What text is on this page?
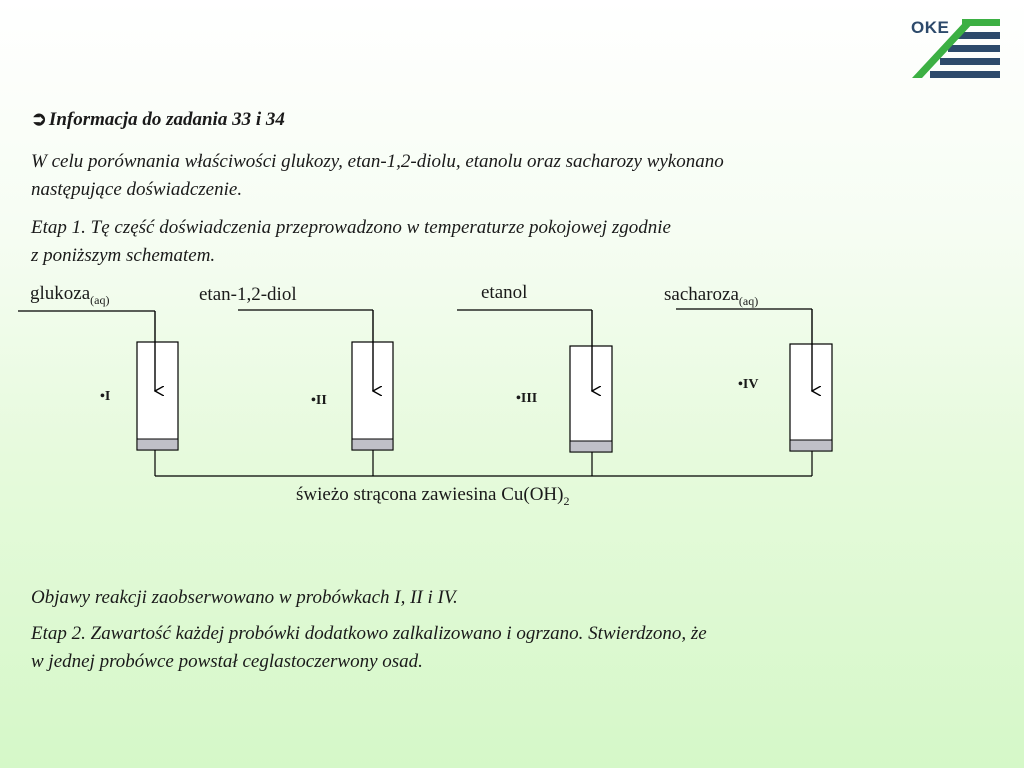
OKE
➲ Informacja do zadania 33 i 34
W celu porównania właściwości glukozy, etan-1,2-diolu, etanolu oraz sacharozy wykonano
następujące doświadczenie.
Etap 1. Tę część doświadczenia przeprowadzono w temperaturze pokojowej zgodnie
z poniższym schematem.
glukoza$_{(aq)}$	etan-1,2-diol	etanol	sacharoza$_{(aq)}$
•I	•II	•III
•IV
świeżo strącona zawiesina $Cu(OH)_2$
Objawy reakcji zaobserwowano w probówkach I, II i IV.
Etap 2. Zawartość każdej probówki dodatkowo zalkalizowano i ogrzano. Stwierdzono, że
w jednej probówce powstał ceglastoczerwony osad.
